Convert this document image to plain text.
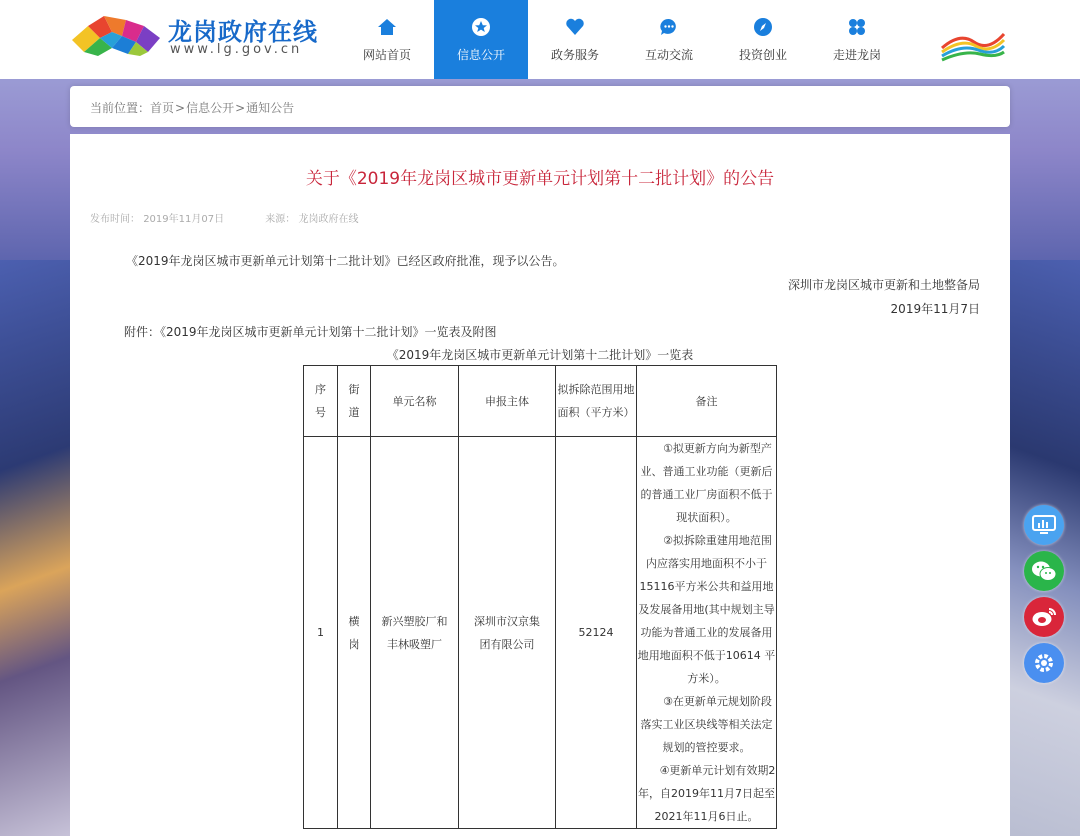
龙岗政府在线
www.lg.gov.cn	网站首页	信息公开	政务服务	互动交流	投资创业	走进龙岗
当前位置：首页>信息公开>通知公告
关于《2019年龙岗区城市更新单元计划第十二批计划》的公告
发布时间： 2019年11月07日	来源： 龙岗政府在线
《2019年龙岗区城市更新单元计划第十二批计划》已经区政府批准，现予以公告。
深圳市龙岗区城市更新和土地整备局
2019年11月7日
附件：《2019年龙岗区城市更新单元计划第十二批计划》一览表及附图
《2019年龙岗区城市更新单元计划第十二批计划》一览表
序号	街道	单元名称	申报主体	拟拆除范围用地面积（平方米）	备注
1	横岗	新兴塑胶厂和丰林吸塑厂	深圳市汉京集团有限公司	52124	①拟更新方向为新型产业、普通工业功能（更新后的普通工业厂房面积不低于现状面积）。

②拟拆除重建用地范围内应落实用地面积不小于15116平方米公共和益用地及发展备用地(其中规划主导功能为普通工业的发展备用地用地面积不低于10614 平方米）。

③在更新单元规划阶段落实工业区块线等相关法定规划的管控要求。

④更新单元计划有效期2年，自2019年11月7日起至2021年11月6日止。
